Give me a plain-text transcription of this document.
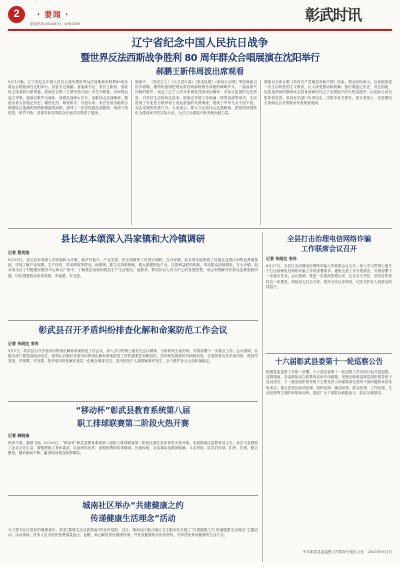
2	· 要闻 ·
新闻热线:4644870　4984286	彰武时讯
辽宁省纪念中国人民抗日战争
暨世界反法西斯战争胜利 80 周年群众合唱展演在沈阳举行
郝鹏王新伟周波出席观看
9月1日晚，辽宁省纪念中国人民抗日战争暨世界反法西斯战争胜利80周年群众合唱展演在沈阳举行。省委书记郝鹏，省委副书记、省长王新伟，省政协主席周波出席观看。展演在合唱《义勇军进行曲》中拉开帷幕，全场观众起立齐唱。展演以歌声为载体，回顾抗战烽火岁月，讴歌伟大抗战精神，激励全省人民铭记历史、缅怀先烈、珍爱和平、开创未来。来自全省各地的合唱团队以饱满的热情和精湛的演唱，演绎了一首首经典抗战歌曲，现场气氛热烈，掌声不断。省领导和各界群众代表共同观看了展演。
展演中，《松花江上》《大刀进行曲》《游击队歌》《黄河大合唱》等经典曲目依次唱响，激昂的旋律把观众带回到那段艰苦卓绝的峥嵘岁月。一曲曲荡气回肠的歌声，表达了辽宁人民对革命先烈的深切缅怀，对伟大祖国的无比热爱，对美好生活的向往追求。展演还穿插了诗朗诵、情景表演等形式，生动再现了东北抗日联军将士浴血奋战的英勇事迹，展现了中华儿女不屈不挠、众志成城的民族气节。大家表示，要大力弘扬伟大抗战精神，把爱国热情转化为建设家乡的实际行动，为辽宁全面振兴新突破贡献力量。
展演以全体合唱《没有共产党就没有新中国》结束。观众纷纷表示，这场展演是一次生动的爱国主义教育，让人深受感动和鼓舞。我们要铭记历史、勿忘国耻，以更加昂扬的精神状态投身到新时代辽宁全面振兴的火热实践中，以实际行动告慰革命先烈。省直有关部门负责同志，沈阳市有关领导，部分老战士、先进模范人物和社会各界群众代表观看展演。
县长赵本颂深入冯家镇和大冷镇调研
记者 蔡英浩
8月29日，县长赵本颂深入冯家镇和大冷镇，就乡村振兴、产业发展、民生保障等工作进行调研。在冯家镇，赵本颂实地察看了设施农业园区和特色养殖基地，详细了解产业规模、生产经营、带动增收等情况。他强调，要立足资源禀赋，做大做强特色产业，完善利益联结机制，带动群众持续增收。在大冷镇，赵本颂走访了村级便民服务中心和农户家中，了解基层治理和群众生产生活情况。他要求，要坚持以人民为中心的发展思想，用心用情解决好群众急难愁盼问题，切实增强群众的获得感、幸福感、安全感。
彰武县召开矛盾纠纷排查化解和命案防范工作会议
记者 朱晓达 李冉
9月1日，彰武县召开矛盾纠纷排查化解和命案防范工作会议，深入学习贯彻上级有关会议精神，分析研判当前形势，安排部署下一步重点工作。会议强调，各级各部门要提高政治站位，深刻认识做好矛盾纠纷排查化解和命案防范工作的重要性和紧迫性，坚持和发展新时代枫桥经验，全面排查各类矛盾纠纷，做到早发现、早预警、早处置，把矛盾纠纷化解在基层、化解在萌芽状态，坚决防范个人极端案事件发生，全力维护社会大局和谐稳定。
“移动杯”彰武县教育系统第八届
职工排球联赛第二阶段火热开赛
记者 韩晓南
秋高气爽，激情飞扬。8月30日，“移动杯”彰武县教育系统第八届职工排球联赛第二阶段比赛在县体育馆火热开赛。本届联赛由县教育局主办，旨在丰富教职工业余文化生活，增强教职工身体素质，弘扬团结协作、顽强拼搏的体育精神。比赛现场，各参赛队伍精神饱满、斗志昂扬，队员们传球、扣杀、拦网，配合默契，精彩瞬间不断，赢得现场观众阵阵喝彩。
城南社区举办“共建健康之约
传递健康生活理念”活动
为了提升社区居民的健康意识，营造“健康生活从我做起”的良好氛围，近日，城南社区联合辖区卫生服务站开展了“共建健康之约 传递健康生活理念”主题活动。活动现场，医务人员为居民免费测量血压、血糖，耐心解答居民健康咨询，并发放健康知识宣传资料，引导居民养成健康的生活方式。
全县打击治理电信网络诈骗
工作联席会议召开
记者 朱晓达 李冉
8月27日，全县打击治理电信网络诈骗工作联席会议召开，深入学习贯彻上级关于打击治理电信网络诈骗工作的部署要求，通报全县工作开展情况，安排部署下一步重点任务。会议强调，要进一步提高思想认识，压实各方责任，坚持打防管控宣一体推进，持续加大打击力度，筑牢全民反诈防线，切实守护好人民群众的钱袋子。
十六届彰武县委第十一轮巡察公告
根据县委巡察工作统一部署，十六届县委第十一轮巡察工作自即日起开展巡察。巡察期间，各巡察组设立联系电话和专用邮箱，受理反映被巡察党组织领导班子及其成员、下一级党组织领导班子主要负责人和重要岗位领导干部问题的来信来电来访，重点是违反政治纪律、组织纪律、廉洁纪律、群众纪律、工作纪律、生活纪律等方面的举报和反映。欢迎广大干部群众积极参与，如实反映情况。
中共彰武县委巡察工作领导小组办公室　2025年9月1日
